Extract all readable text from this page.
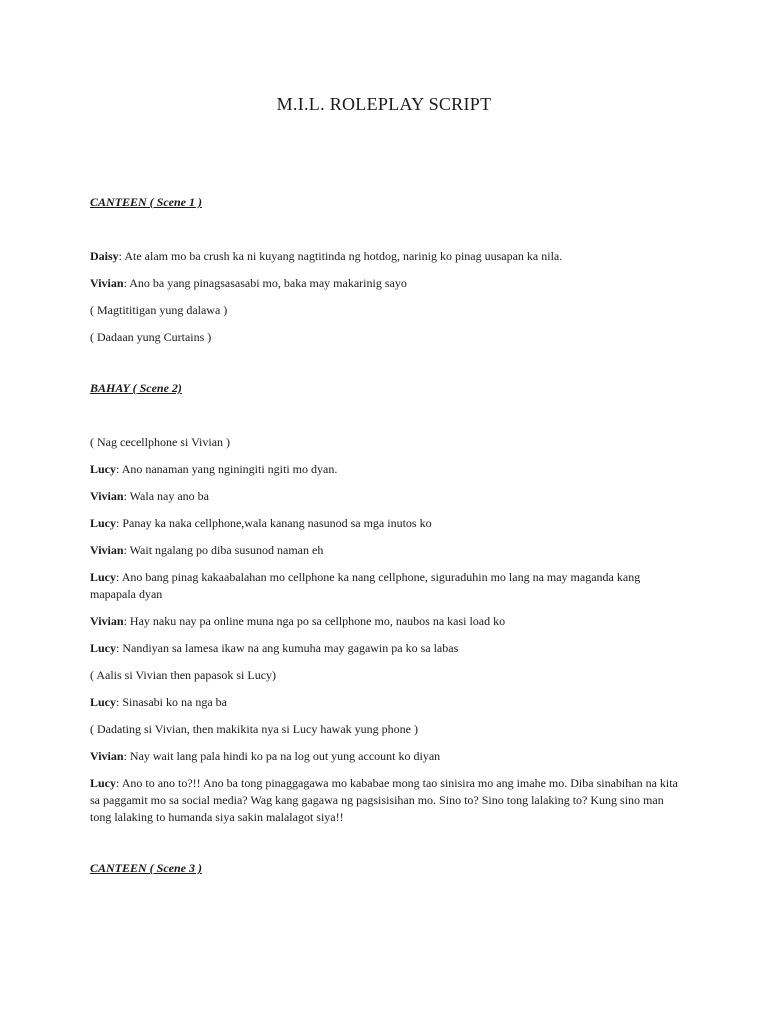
M.I.L. ROLEPLAY SCRIPT

CANTEEN ( Scene 1 )

Daisy: Ate alam mo ba crush ka ni kuyang nagtitinda ng hotdog, narinig ko pinag uusapan ka nila.

Vivian: Ano ba yang pinagsasasabi mo, baka may makarinig sayo

( Magtititigan yung dalawa )

( Dadaan yung Curtains )

BAHAY ( Scene 2)

( Nag cecellphone si Vivian )

Lucy: Ano nanaman yang nginingiti ngiti mo dyan.

Vivian: Wala nay ano ba

Lucy: Panay ka naka cellphone,wala kanang nasunod sa mga inutos ko

Vivian: Wait ngalang po diba susunod naman eh

Lucy: Ano bang pinag kakaabalahan mo cellphone ka nang cellphone, siguraduhin mo lang na may maganda kang mapapala dyan

Vivian: Hay naku nay pa online muna nga po sa cellphone mo, naubos na kasi load ko

Lucy: Nandiyan sa lamesa ikaw na ang kumuha may gagawin pa ko sa labas

( Aalis si Vivian then papasok si Lucy)

Lucy: Sinasabi ko na nga ba

( Dadating si Vivian, then makikita nya si Lucy hawak yung phone )

Vivian: Nay wait lang pala hindi ko pa na log out yung account ko diyan

Lucy: Ano to ano to?!! Ano ba tong pinaggagawa mo kababae mong tao sinisira mo ang imahe mo. Diba sinabihan na kita sa paggamit mo sa social media? Wag kang gagawa ng pagsisisihan mo. Sino to? Sino tong lalaking to? Kung sino man tong lalaking to humanda siya sakin malalagot siya!!

CANTEEN ( Scene 3 )
